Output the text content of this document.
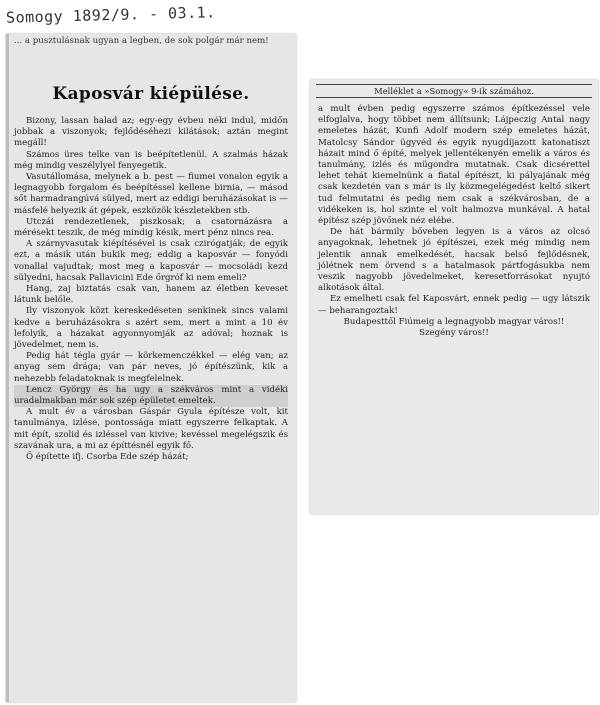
Somogy 1892/9. - 03.1.
... a pusztulásnak ugyan a legben, de sok polgár már nem!
Kaposvár kiépülése.

Bizony, lassan halad az; egy-egy évbeu néki indul, midőn jobbak a viszonyok; fejlődéséhezi kilátások; aztán megint megáll!

Számos üres telke van is beépítetlenül. A szalmás házak még mindig veszélylyel fenyegetik.

Vasutállomása, melynek a b. pest — fiumei vonalon egyik a legnagyobb forgalom és beépítéssel kellene birnia, — másod sőt harmadrangúvá sülyed, mert az eddigi beruházásokat is — másfelé helyezik át gépek, eszközök készletekben stb.

Utczái rendezetlenek, piszkosak; a csatornázásra a mérésekt teszik, de még mindig késik, mert pénz nincs rea.

A szárnyvasutak kiépítésével is csak czirógatják; de egyik ezt, a másik után bukik meg; eddig a kaposvár — fonyódi vonallal vajudtak; most meg a kaposvár — mocsoládi kezd sülyedni, hacsak Pallavicini Ede őrgróf ki nem emeli?

Hang, zaj biztatás csak van, hanem az életben keveset látunk belőle.

Ily viszonyok közt kereskedéseten senkinek sincs valami kedve a beruházásokra s azért sem, mert a mint a 10 év lefolyik, a házakat agyonnyomják az adóval; hoznak is jövedelmet, nem is.

Pedig hát tégla gyár — körkemenczékkel — elég van; az anyag sem drága; van pár neves, jó építészünk, kik a nehezebb feladatoknak is megfelelnek.

Lencz György és ha ugy a székváros mint a vidéki uradalmakban már sok szép épületet emeltek.

A mult év a városban Gáspár Gyula építésze volt, kit tanulmánya, izlése, pontossága miatt egyszerre felkaptak. A mit épít, szolid és izléssel van kivive; kevéssel megelégszik és szavának ura, a mi az építtésnél egyik fő.

Ő építette ifj. Csorba Ede szép házát;

Melléklet a »Somogy« 9-ik számához.

a mult évben pedig egyszerre számos építkezéssel vele elfoglalva, hogy többet nem állítsunk; Lájpeczig Antal nagy emeletes házát, Kunfi Adolf modern szép emeletes házát, Matolcsy Sándor ügyvéd és egyik nyugdíjazott katonatiszt házait mind ő építé, melyek jellentékenyén emelik a város és tanulmány, izlés és mügondra mutatnak. Csak dicsérettel lehet tehát kiemelnünk a fiatal építészt, ki pályajának még csak kezdetén van s már is ily közmegelégedést keltő sikert tud felmutatni és pedig nem csak a székvárosban, de a vidékeken is, hol szinte el volt halmozva munkával. A hatal építész szép jövőnek néz elébe.

De hát bármily bőveben legyen is a város az olcsó anyagoknak, lehetnek jó építészei, ezek még mindig nem jelentik annak emelkedését, hacsak belső fejlődésnek, jólétnek nem örvend s a hatalmasok pártfogásukba nem veszik nagyobb jövedelmeket, keresetforrásokat nyujtó alkotások által.

Ez emelheti csak fel Kaposvárt, ennek pedig — ugy látszik — beharangoztak!

Budapesttől Fiúmeig a legnagyobb magyar város!!

Szegény város!!
